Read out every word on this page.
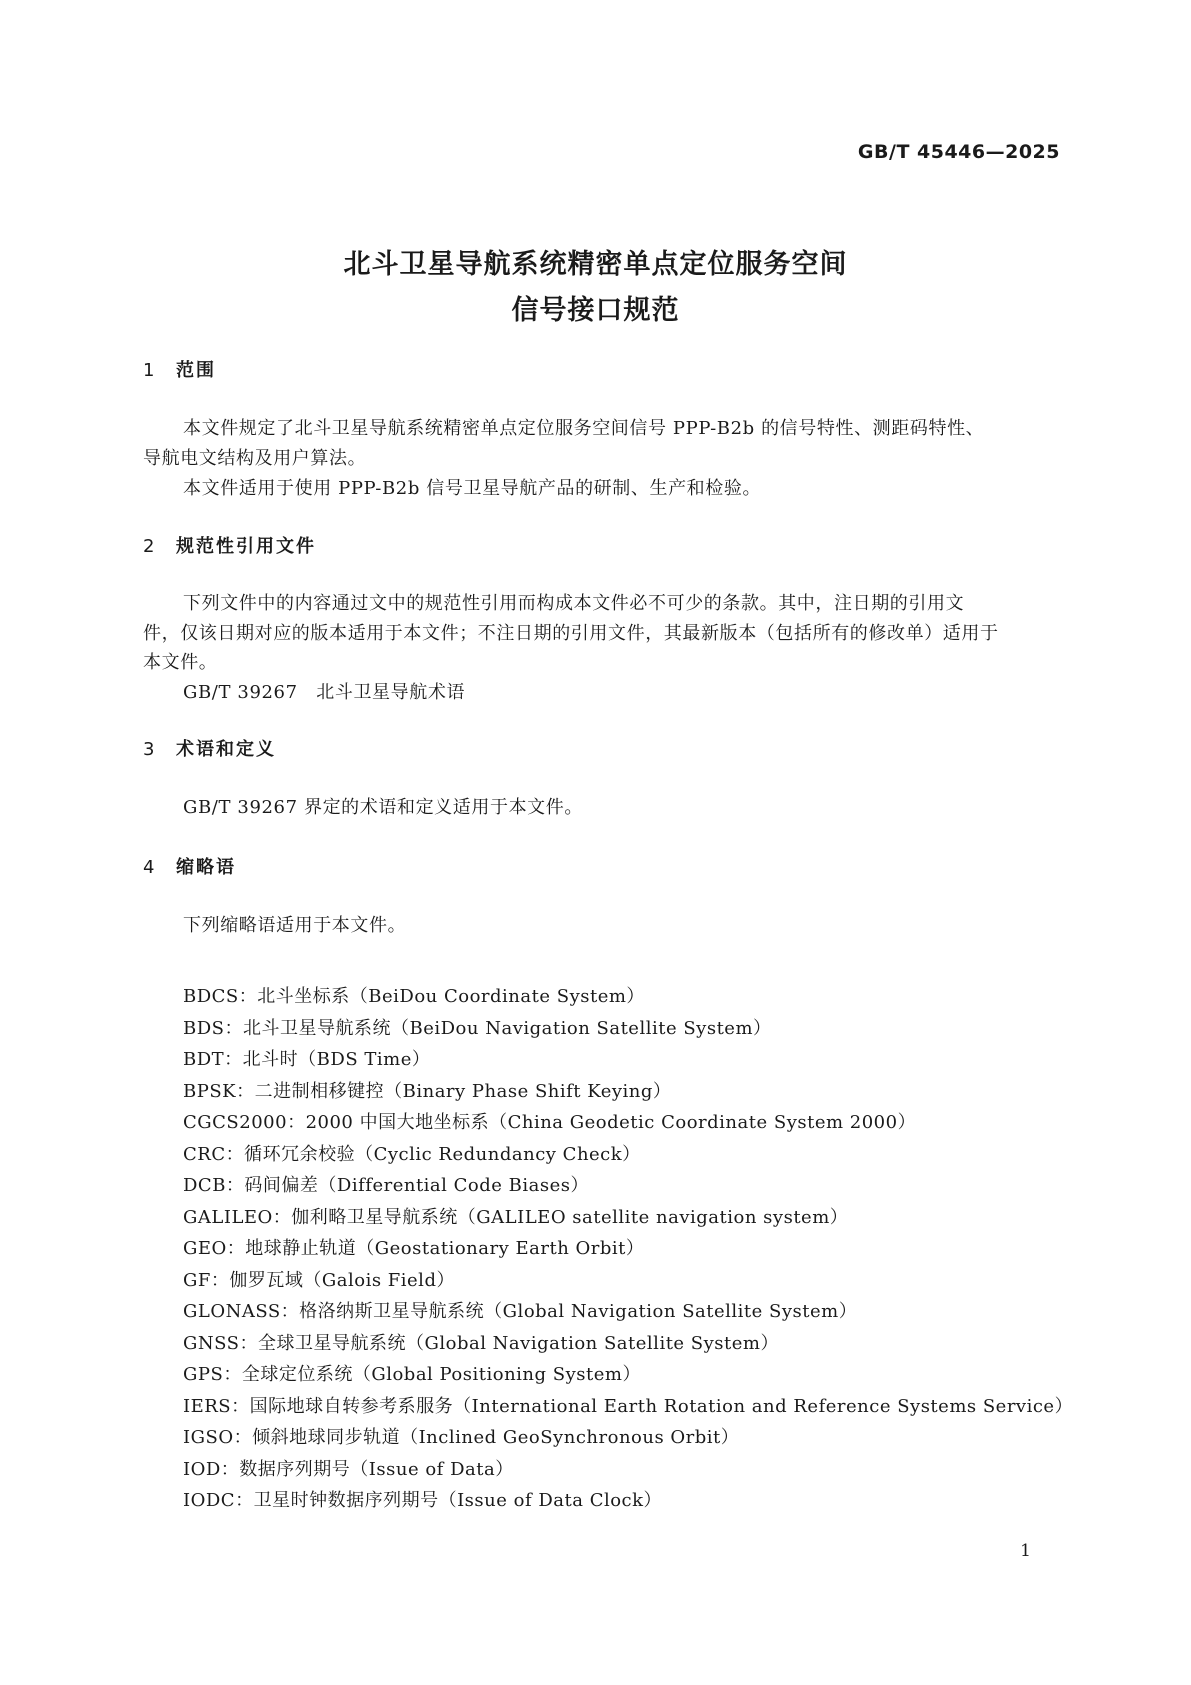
GB/T 45446—2025
北斗卫星导航系统精密单点定位服务空间
信号接口规范
1 范围
本文件规定了北斗卫星导航系统精密单点定位服务空间信号 PPP-B2b 的信号特性、测距码特性、
导航电文结构及用户算法。
本文件适用于使用 PPP-B2b 信号卫星导航产品的研制、生产和检验。
2 规范性引用文件
下列文件中的内容通过文中的规范性引用而构成本文件必不可少的条款。其中，注日期的引用文
件，仅该日期对应的版本适用于本文件；不注日期的引用文件，其最新版本（包括所有的修改单）适用于
本文件。
GB/T 39267　北斗卫星导航术语
3 术语和定义
GB/T 39267 界定的术语和定义适用于本文件。
4 缩略语
下列缩略语适用于本文件。
BDCS：北斗坐标系（BeiDou Coordinate System）
BDS：北斗卫星导航系统（BeiDou Navigation Satellite System）
BDT：北斗时（BDS Time）
BPSK：二进制相移键控（Binary Phase Shift Keying）
CGCS2000：2000 中国大地坐标系（China Geodetic Coordinate System 2000）
CRC：循环冗余校验（Cyclic Redundancy Check）
DCB：码间偏差（Differential Code Biases）
GALILEO：伽利略卫星导航系统（GALILEO satellite navigation system）
GEO：地球静止轨道（Geostationary Earth Orbit）
GF：伽罗瓦域（Galois Field）
GLONASS：格洛纳斯卫星导航系统（Global Navigation Satellite System）
GNSS：全球卫星导航系统（Global Navigation Satellite System）
GPS：全球定位系统（Global Positioning System）
IERS：国际地球自转参考系服务（International Earth Rotation and Reference Systems Service）
IGSO：倾斜地球同步轨道（Inclined GeoSynchronous Orbit）
IOD：数据序列期号（Issue of Data）
IODC：卫星时钟数据序列期号（Issue of Data Clock）
1
